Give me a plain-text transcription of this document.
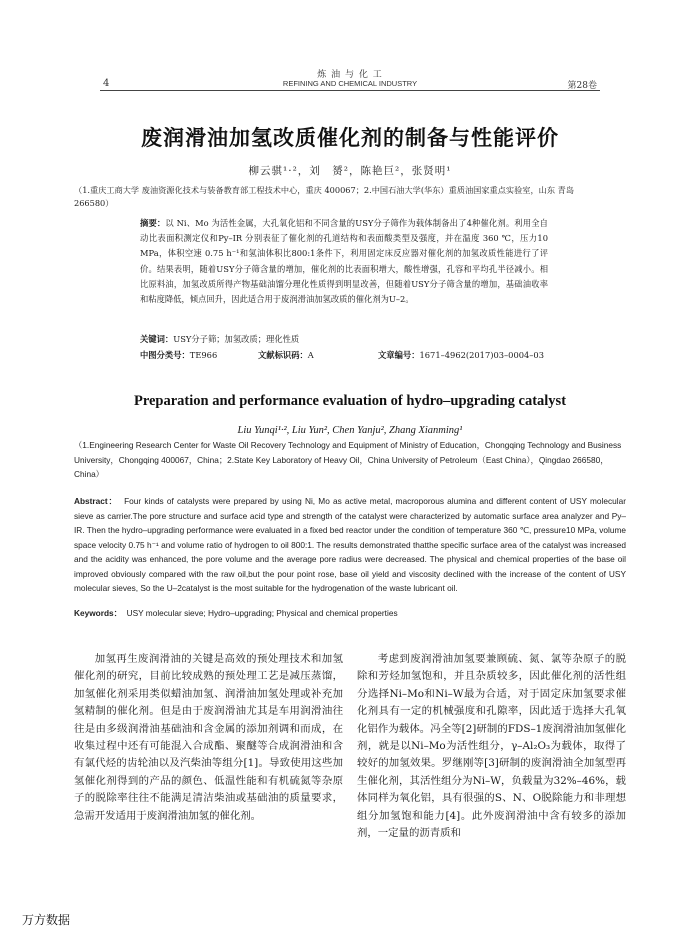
4
炼 油 与 化 工
REFINING AND CHEMICAL INDUSTRY	第28卷
废润滑油加氢改质催化剂的制备与性能评价
柳云骐¹·²，刘　赟²，陈艳巨²，张贤明¹
（1.重庆工商大学 废油资源化技术与装备教育部工程技术中心，重庆 400067；2.中国石油大学(华东）重质油国家重点实验室，山东 青岛 266580）
摘要：以 Ni、Mo 为活性金属，大孔氧化铝和不同含量的USY分子筛作为载体制备出了4种催化剂。利用全自动比表面积测定仪和Py–IR 分别表征了催化剂的孔道结构和表面酸类型及强度，并在温度 360 ℃，压力10 MPa，体积空速 0.75 h⁻¹和氢油体积比800:1条件下，利用固定床反应器对催化剂的加氢改质性能进行了评价。结果表明，随着USY分子筛含量的增加，催化剂的比表面积增大，酸性增强，孔容和平均孔半径减小。相比原料油，加氢改质所得产物基础油馏分理化性质得到明显改善，但随着USY分子筛含量的增加，基础油收率和粘度降低，倾点回升，因此适合用于废润滑油加氢改质的催化剂为U–2。
关键词：USY分子筛；加氢改质；理化性质
中图分类号：TE966	文献标识码：A	文章编号：1671–4962(2017)03–0004–03
Preparation and performance evaluation of hydro–upgrading catalyst
Liu Yunqi¹·², Liu Yun², Chen Yanju², Zhang Xianming¹
（1.Engineering Research Center for Waste Oil Recovery Technology and Equipment of Ministry of Education，Chongqing Technology and Business University，Chongqing 400067，China；2.State Key Laboratory of Heavy Oil，China University of Petroleum（East China），Qingdao 266580，China）
Abstract： Four kinds of catalysts were prepared by using Ni, Mo as active metal, macroporous alumina and different content of USY molecular sieve as carrier.The pore structure and surface acid type and strength of the catalyst were characterized by automatic surface area analyzer and Py–IR. Then the hydro–upgrading performance were evaluated in a fixed bed reactor under the condition of temperature 360 ℃, pressure10 MPa, volume space velocity 0.75 h⁻¹ and volume ratio of hydrogen to oil 800:1. The results demonstrated thatthe specific surface area of the catalyst was increased and the acidity was enhanced, the pore volume and the average pore radius were decreased. The physical and chemical properties of the base oil improved obviously compared with the raw oil,but the pour point rose, base oil yield and viscosity declined with the increase of the content of USY molecular sieves, So the U–2catalyst is the most suitable for the hydrogenation of the waste lubricant oil.
Keywords： USY molecular sieve; Hydro–upgrading; Physical and chemical properties
加氢再生废润滑油的关键是高效的预处理技术和加氢催化剂的研究，目前比较成熟的预处理工艺是减压蒸馏，加氢催化剂采用类似蜡油加氢、润滑油加氢处理或补充加氢精制的催化剂。但是由于废润滑油尤其是车用润滑油往往是由多级润滑油基础油和含金属的添加剂调和而成，在收集过程中还有可能混入合成酯、聚醚等合成润滑油和含有氯代烃的齿轮油以及汽柴油等组分[1]。导致使用这些加氢催化剂得到的产品的颜色、低温性能和有机硫氮等杂原子的脱除率往往不能满足清洁柴油或基础油的质量要求，急需开发适用于废润滑油加氢的催化剂。
考虑到废润滑油加氢要兼顾硫、氮、氯等杂原子的脱除和芳烃加氢饱和，并且杂质较多，因此催化剂的活性组分选择Ni–Mo和Ni–W最为合适，对于固定床加氢要求催化剂具有一定的机械强度和孔隙率，因此适于选择大孔氧化铝作为载体。冯全等[2]研制的FDS–1废润滑油加氢催化剂，就是以Ni–Mo为活性组分，γ–Al₂O₃为载体，取得了较好的加氢效果。罗继刚等[3]研制的废润滑油全加氢型再生催化剂，其活性组分为Ni–W，负载量为32%–46%，载体同样为氧化铝，具有很强的S、N、O脱除能力和非理想组分加氢饱和能力[4]。此外废润滑油中含有较多的添加剂，一定量的沥青质和
万方数据
